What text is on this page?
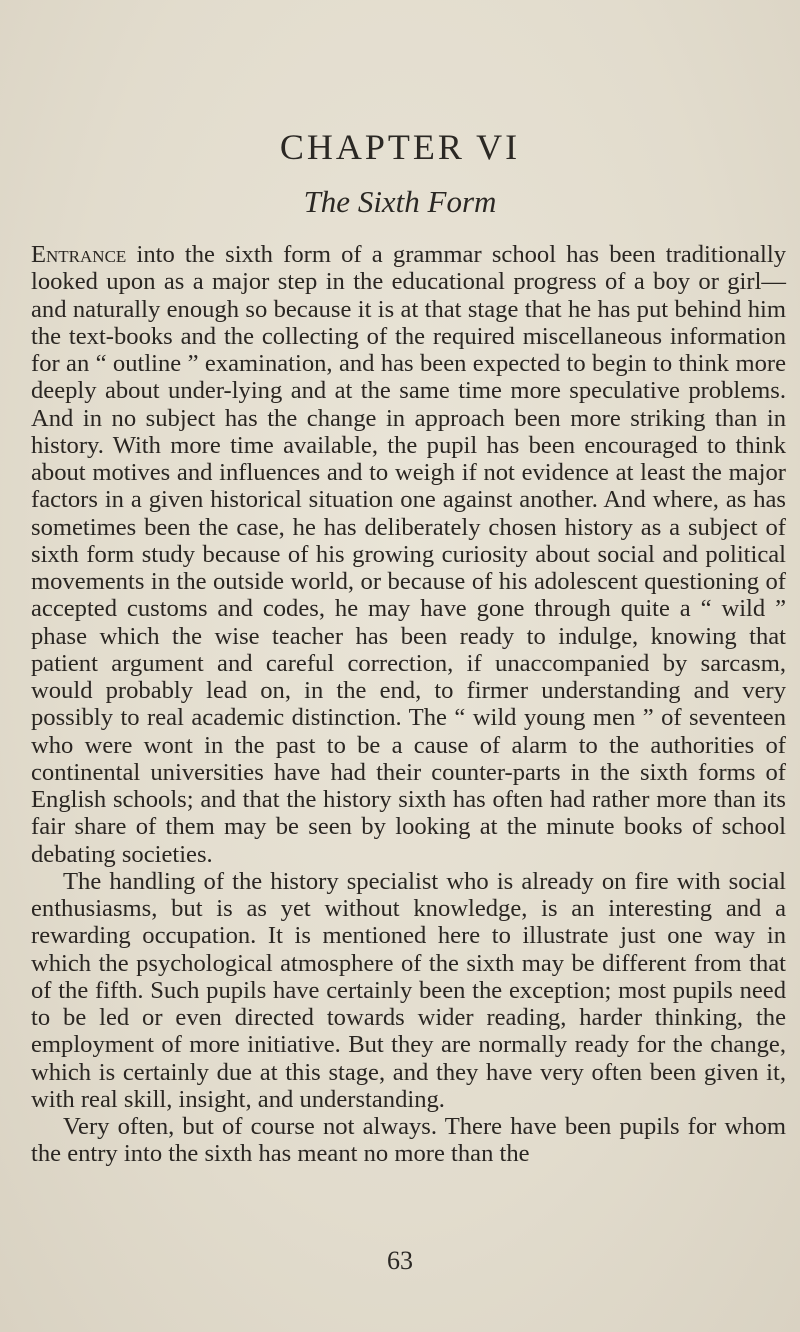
CHAPTER VI
The Sixth Form

Entrance into the sixth form of a grammar school has been traditionally looked upon as a major step in the educational progress of a boy or girl—and naturally enough so because it is at that stage that he has put behind him the text-books and the collecting of the required miscellaneous information for an “ outline ” examination, and has been expected to begin to think more deeply about under-lying and at the same time more speculative problems. And in no subject has the change in approach been more striking than in history. With more time available, the pupil has been encouraged to think about motives and influences and to weigh if not evidence at least the major factors in a given historical situation one against another. And where, as has sometimes been the case, he has deliberately chosen history as a subject of sixth form study because of his growing curiosity about social and political movements in the outside world, or because of his adolescent questioning of accepted customs and codes, he may have gone through quite a “ wild ” phase which the wise teacher has been ready to indulge, knowing that patient argument and careful correction, if unaccompanied by sarcasm, would probably lead on, in the end, to firmer understanding and very possibly to real academic distinction. The “ wild young men ” of seventeen who were wont in the past to be a cause of alarm to the authorities of continental universities have had their counter-parts in the sixth forms of English schools; and that the history sixth has often had rather more than its fair share of them may be seen by looking at the minute books of school debating societies.

The handling of the history specialist who is already on fire with social enthusiasms, but is as yet without knowledge, is an interesting and a rewarding occupation. It is mentioned here to illustrate just one way in which the psychological atmosphere of the sixth may be different from that of the fifth. Such pupils have certainly been the exception; most pupils need to be led or even directed towards wider reading, harder thinking, the employment of more initiative. But they are normally ready for the change, which is certainly due at this stage, and they have very often been given it, with real skill, insight, and understanding.

Very often, but of course not always. There have been pupils for whom the entry into the sixth has meant no more than the

63
